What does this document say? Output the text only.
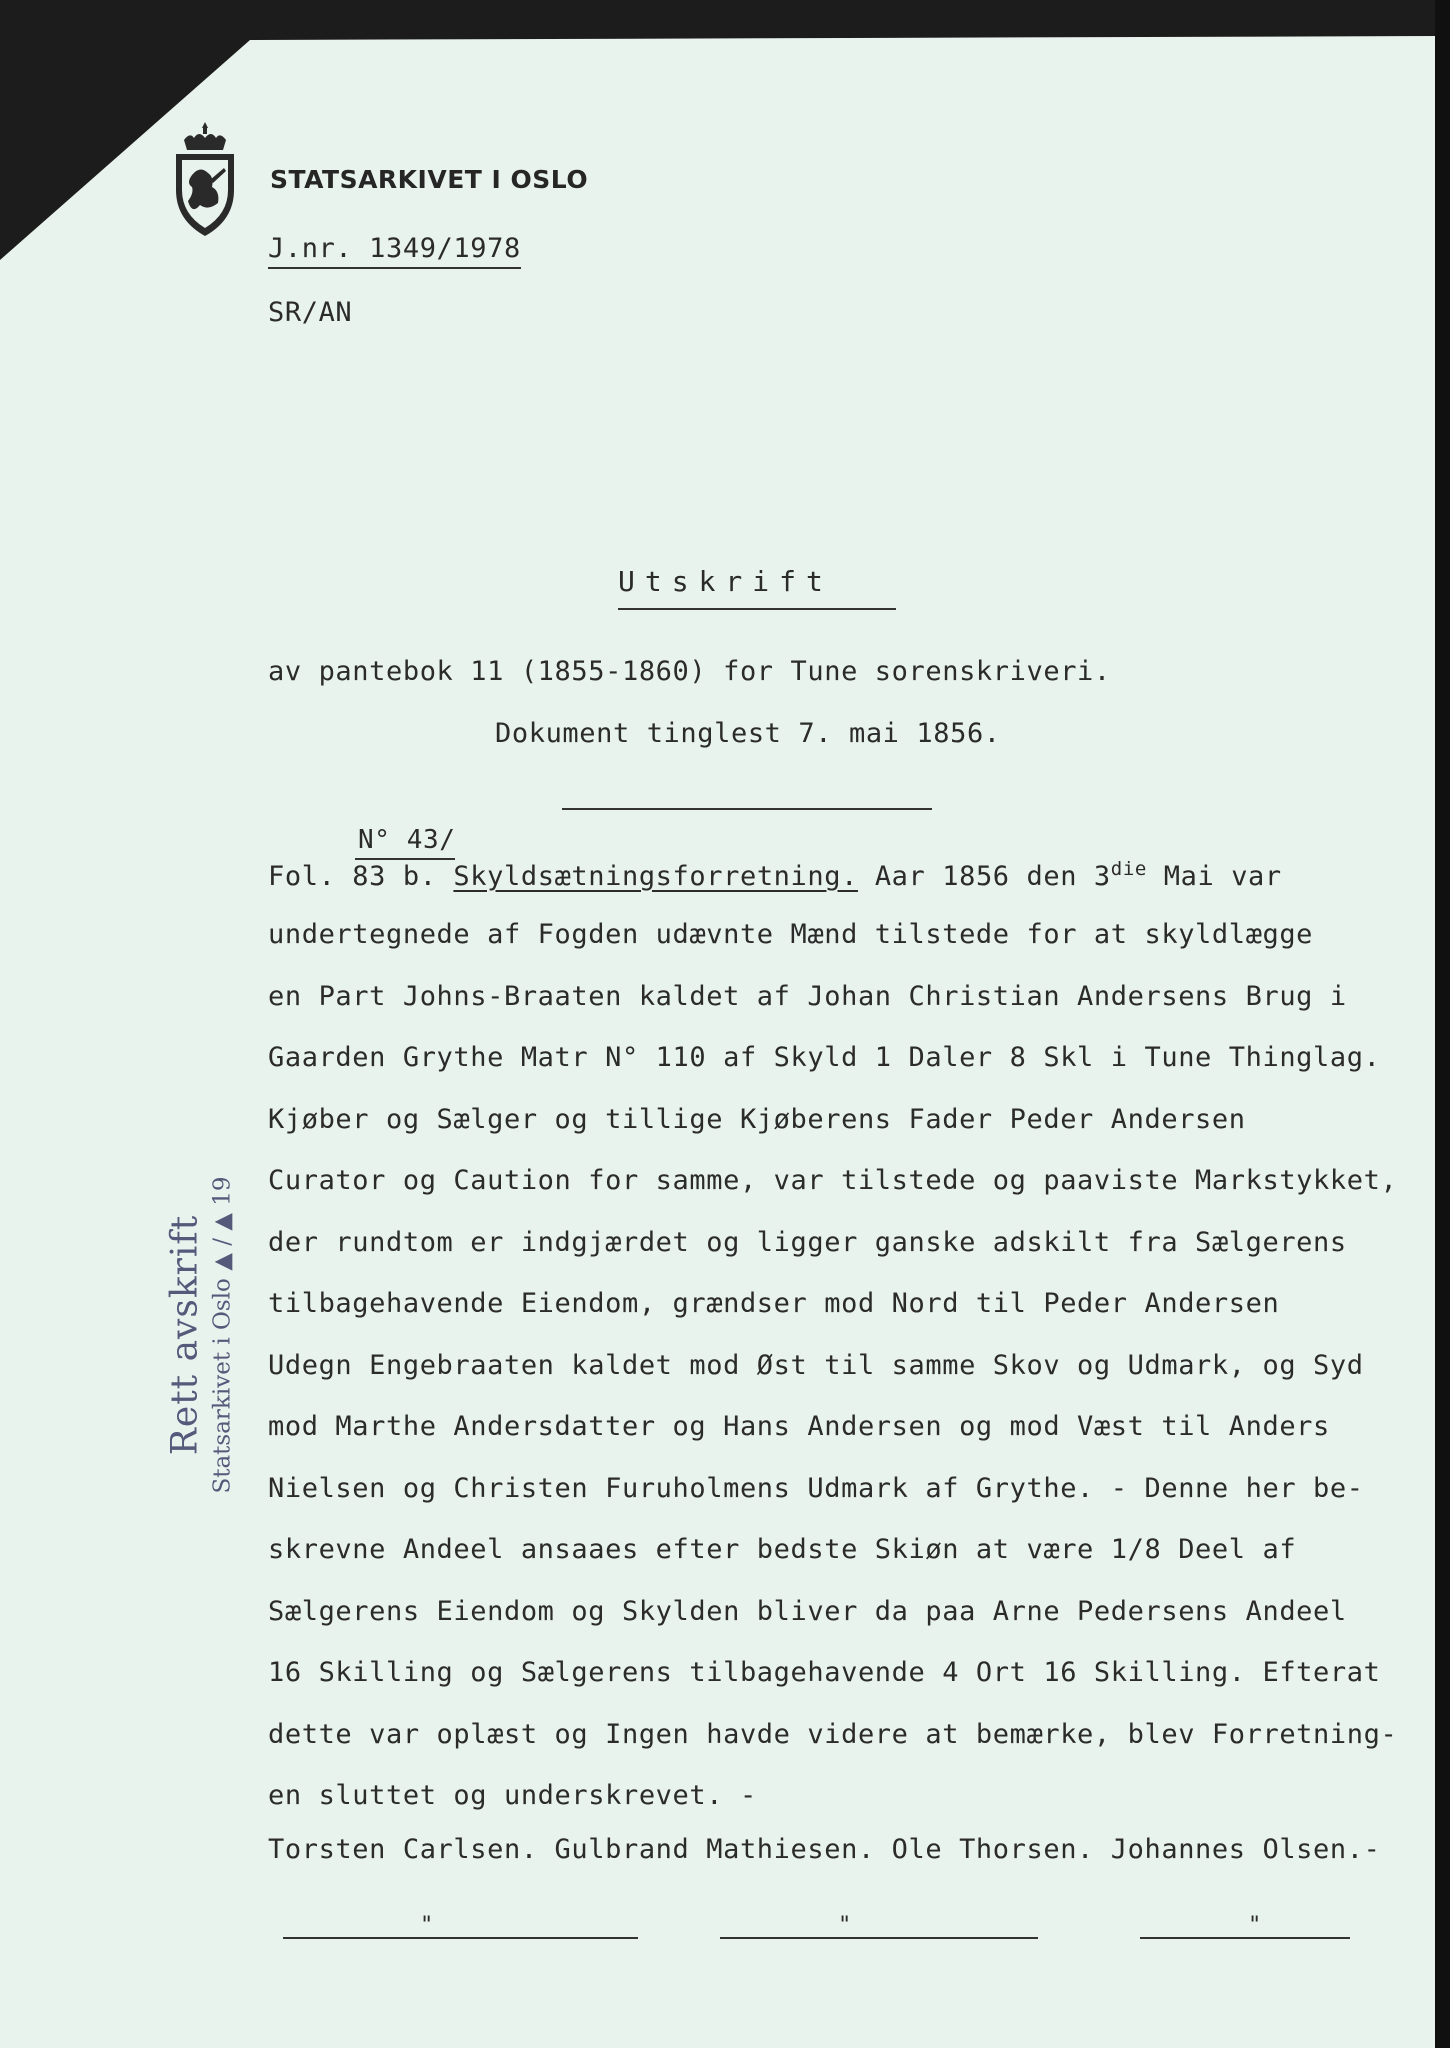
STATSARKIVET I OSLO
J.nr. 1349/1978
SR/AN
Utskrift
av pantebok 11 (1855-1860) for Tune sorenskriveri.
Dokument tinglest 7. mai 1856.
N° 43/
Fol. 83 b. Skyldsætningsforretning. Aar 1856 den $3^{die}$ Mai var
undertegnede af Fogden udævnte Mænd tilstede for at skyldlægge
en Part Johns-Braaten kaldet af Johan Christian Andersens Brug i
Gaarden Grythe Matr N° 110 af Skyld 1 Daler 8 Skl i Tune Thinglag.
Kjøber og Sælger og tillige Kjøberens Fader Peder Andersen
Curator og Caution for samme, var tilstede og paaviste Markstykket,
der rundtom er indgjærdet og ligger ganske adskilt fra Sælgerens
tilbagehavende Eiendom, grændser mod Nord til Peder Andersen
Udegn Engebraaten kaldet mod Øst til samme Skov og Udmark, og Syd
mod Marthe Andersdatter og Hans Andersen og mod Væst til Anders
Nielsen og Christen Furuholmens Udmark af Grythe. - Denne her be-
skrevne Andeel ansaaes efter bedste Skiøn at være 1/8 Deel af
Sælgerens Eiendom og Skylden bliver da paa Arne Pedersens Andeel
16 Skilling og Sælgerens tilbagehavende 4 Ort 16 Skilling. Efterat
dette var oplæst og Ingen havde videre at bemærke, blev Forretning-
en sluttet og underskrevet. -
Torsten Carlsen. Gulbrand Mathiesen. Ole Thorsen. Johannes Olsen.-
Rett avskrift Statsarkivet i Oslo ▲ / ▲ 19
"	"	"
